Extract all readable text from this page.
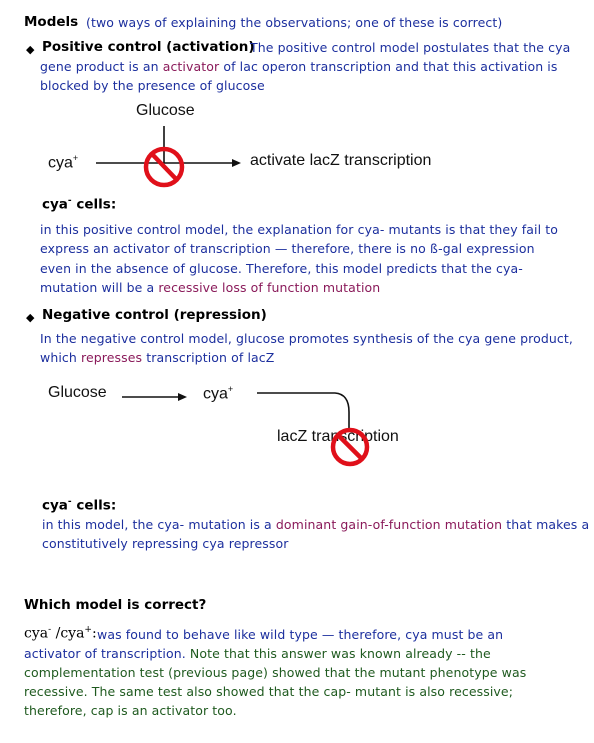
Models (two ways of explaining the observations; one of these is correct)
◆ Positive control (activation)
The positive control model postulates that the cya
gene product is an activator of lac operon transcription and that this activation is
blocked by the presence of glucose
Glucose
cya+	activate lacZ transcription
cya- cells:
in this positive control model, the explanation for cya- mutants is that they fail to
express an activator of transcription — therefore, there is no ß-gal expression
even in the absence of glucose. Therefore, this model predicts that the cya-
mutation will be a recessive loss of function mutation
◆ Negative control (repression)
In the negative control model, glucose promotes synthesis of the cya gene product,
which represses transcription of lacZ
Glucose	cya+
lacZ transcription
cya- cells:
in this model, the cya- mutation is a dominant gain-of-function mutation that makes a
constitutively repressing cya repressor
Which model is correct?
cya- /cya+: was found to behave like wild type — therefore, cya must be an
activator of transcription. Note that this answer was known already -- the
complementation test (previous page) showed that the mutant phenotype was
recessive. The same test also showed that the cap- mutant is also recessive;
therefore, cap is an activator too.
